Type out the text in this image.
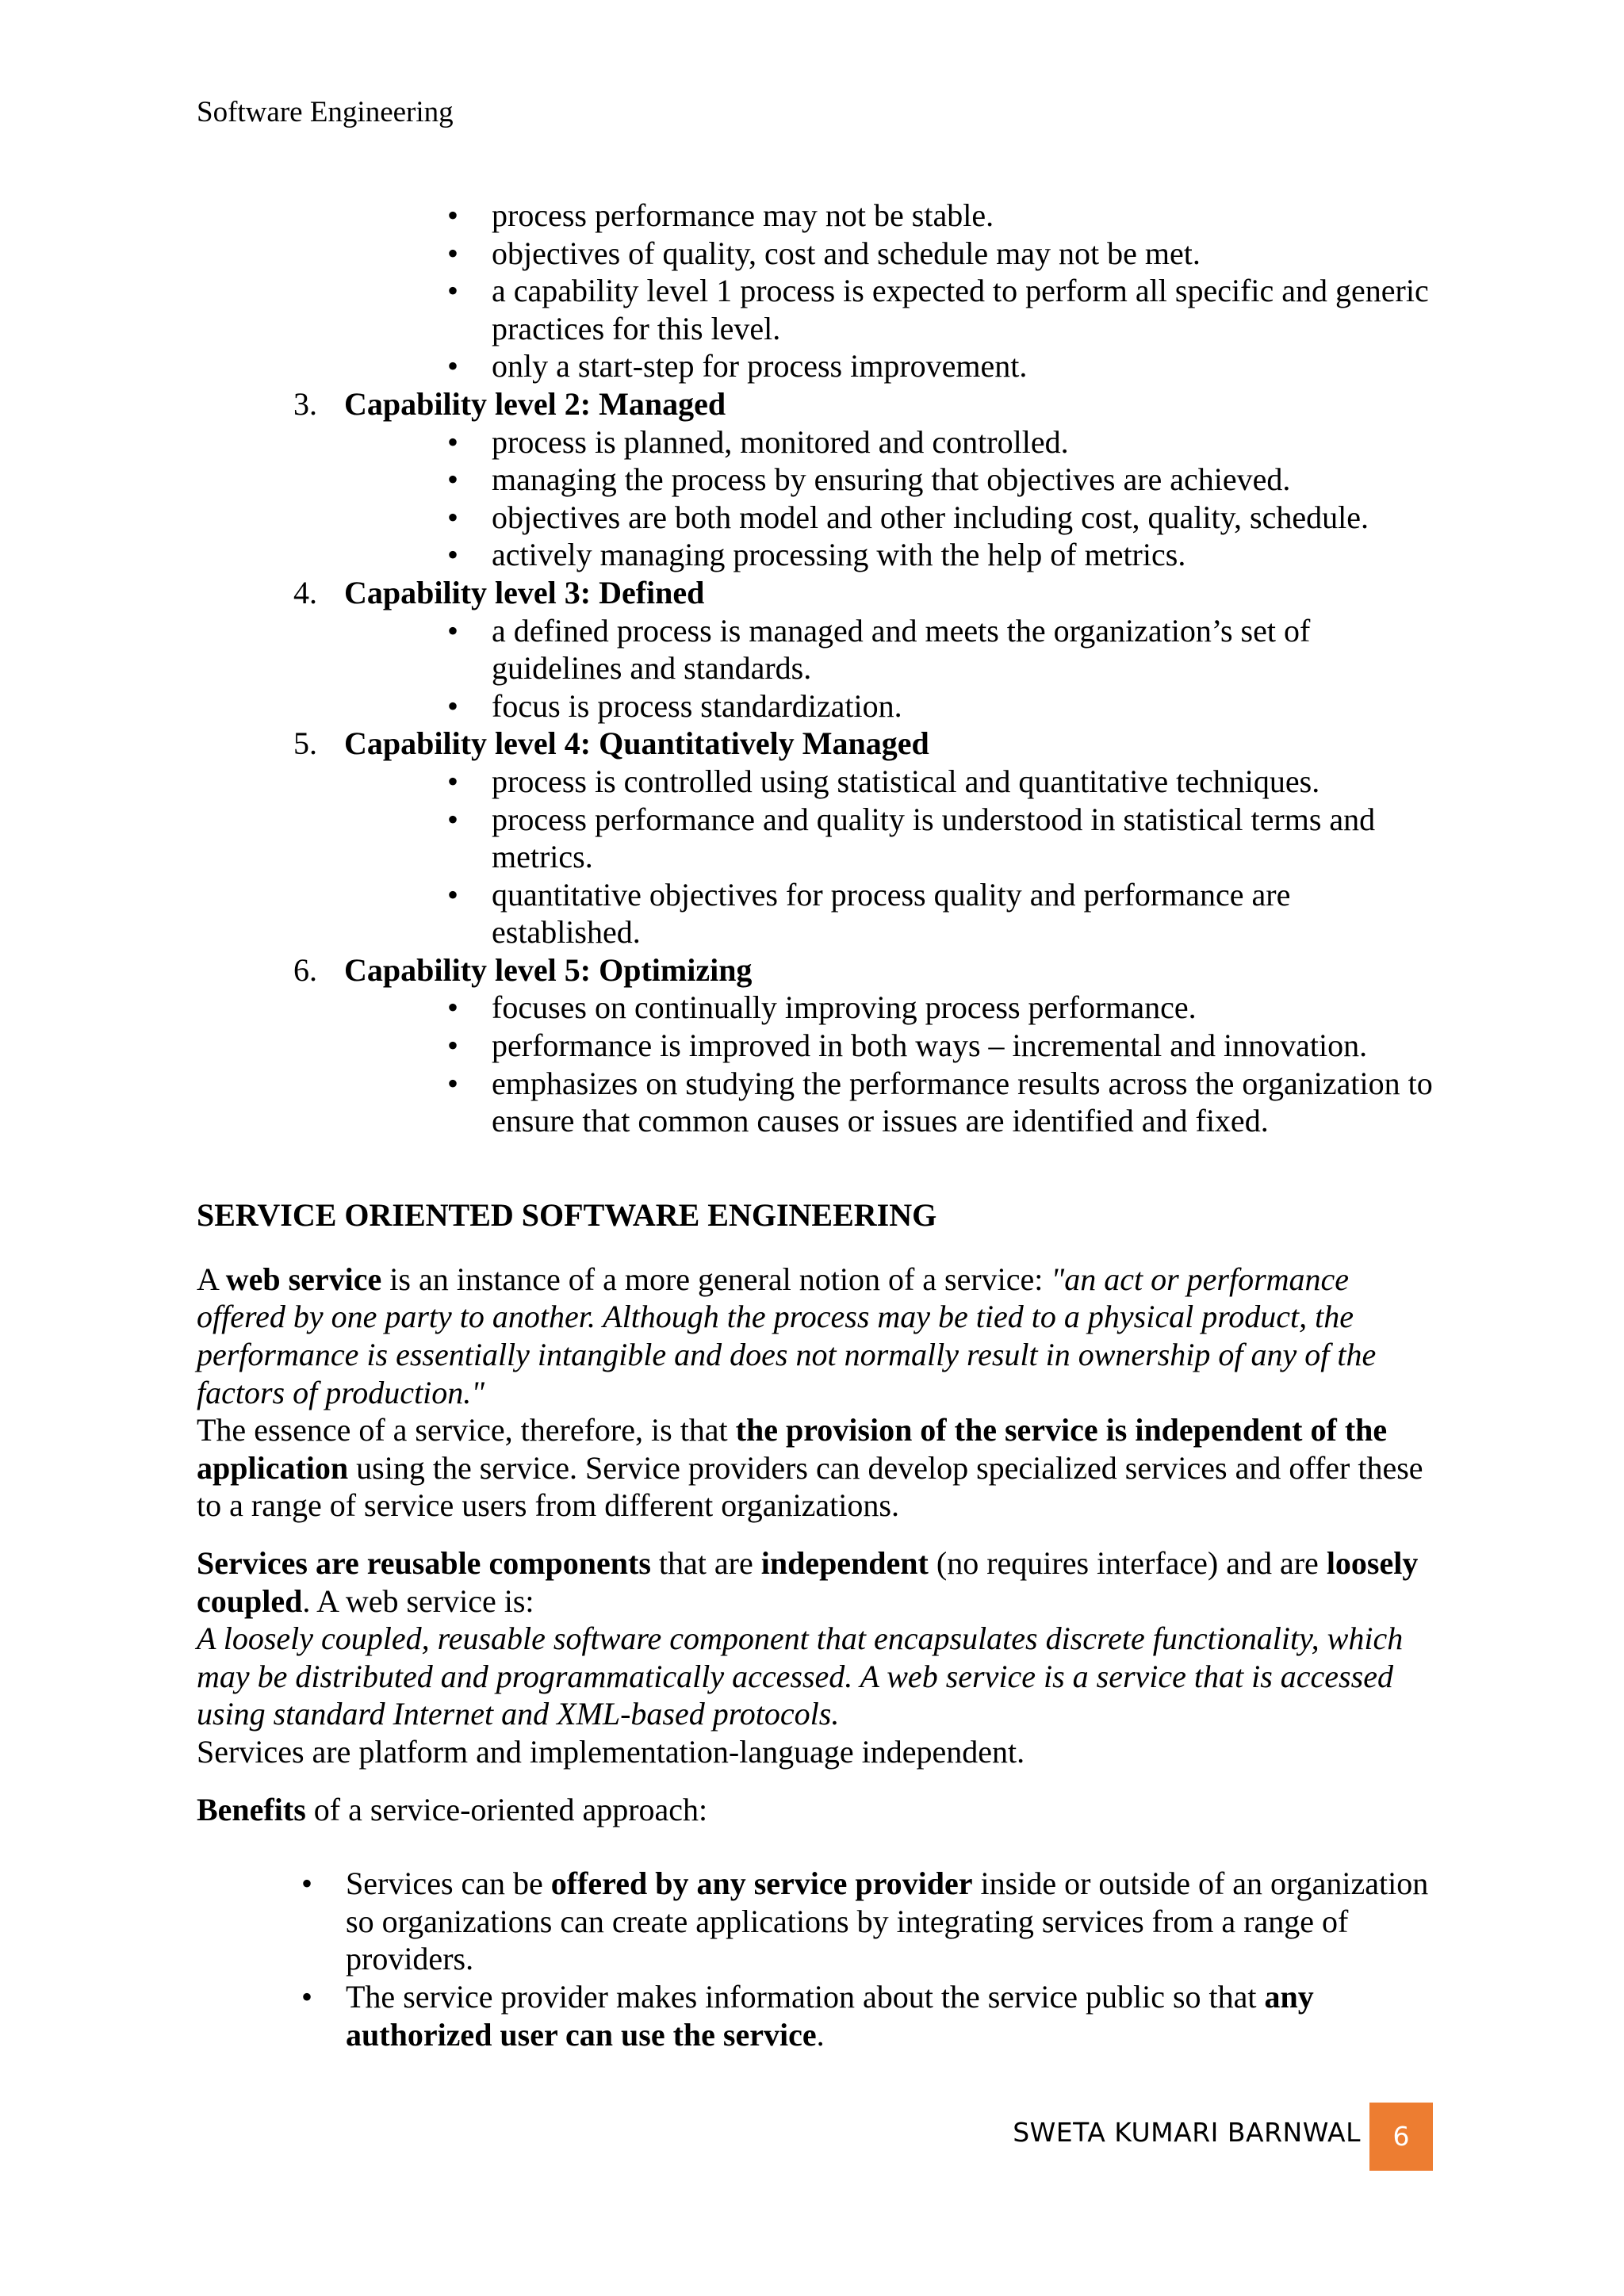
Software Engineering
• process performance may not be stable.
• objectives of quality, cost and schedule may not be met.
• a capability level 1 process is expected to perform all specific and generic practices for this level.
• only a start-step for process improvement.
3. Capability level 2: Managed
• process is planned, monitored and controlled.
• managing the process by ensuring that objectives are achieved.
• objectives are both model and other including cost, quality, schedule.
• actively managing processing with the help of metrics.
4. Capability level 3: Defined
• a defined process is managed and meets the organization’s set of guidelines and standards.
• focus is process standardization.
5. Capability level 4: Quantitatively Managed
• process is controlled using statistical and quantitative techniques.
• process performance and quality is understood in statistical terms and metrics.
• quantitative objectives for process quality and performance are established.
6. Capability level 5: Optimizing
• focuses on continually improving process performance.
• performance is improved in both ways – incremental and innovation.
• emphasizes on studying the performance results across the organization to ensure that common causes or issues are identified and fixed.
SERVICE ORIENTED SOFTWARE ENGINEERING

A web service is an instance of a more general notion of a service: "an act or performance offered by one party to another. Although the process may be tied to a physical product, the performance is essentially intangible and does not normally result in ownership of any of the factors of production."

The essence of a service, therefore, is that the provision of the service is independent of the application using the service. Service providers can develop specialized services and offer these to a range of service users from different organizations.

Services are reusable components that are independent (no requires interface) and are loosely coupled. A web service is:

A loosely coupled, reusable software component that encapsulates discrete functionality, which may be distributed and programmatically accessed. A web service is a service that is accessed using standard Internet and XML-based protocols.

Services are platform and implementation-language independent.

Benefits of a service-oriented approach:

• Services can be offered by any service provider inside or outside of an organization so organizations can create applications by integrating services from a range of providers.
• The service provider makes information about the service public so that any authorized user can use the service.
SWETA KUMARI BARNWAL	6
